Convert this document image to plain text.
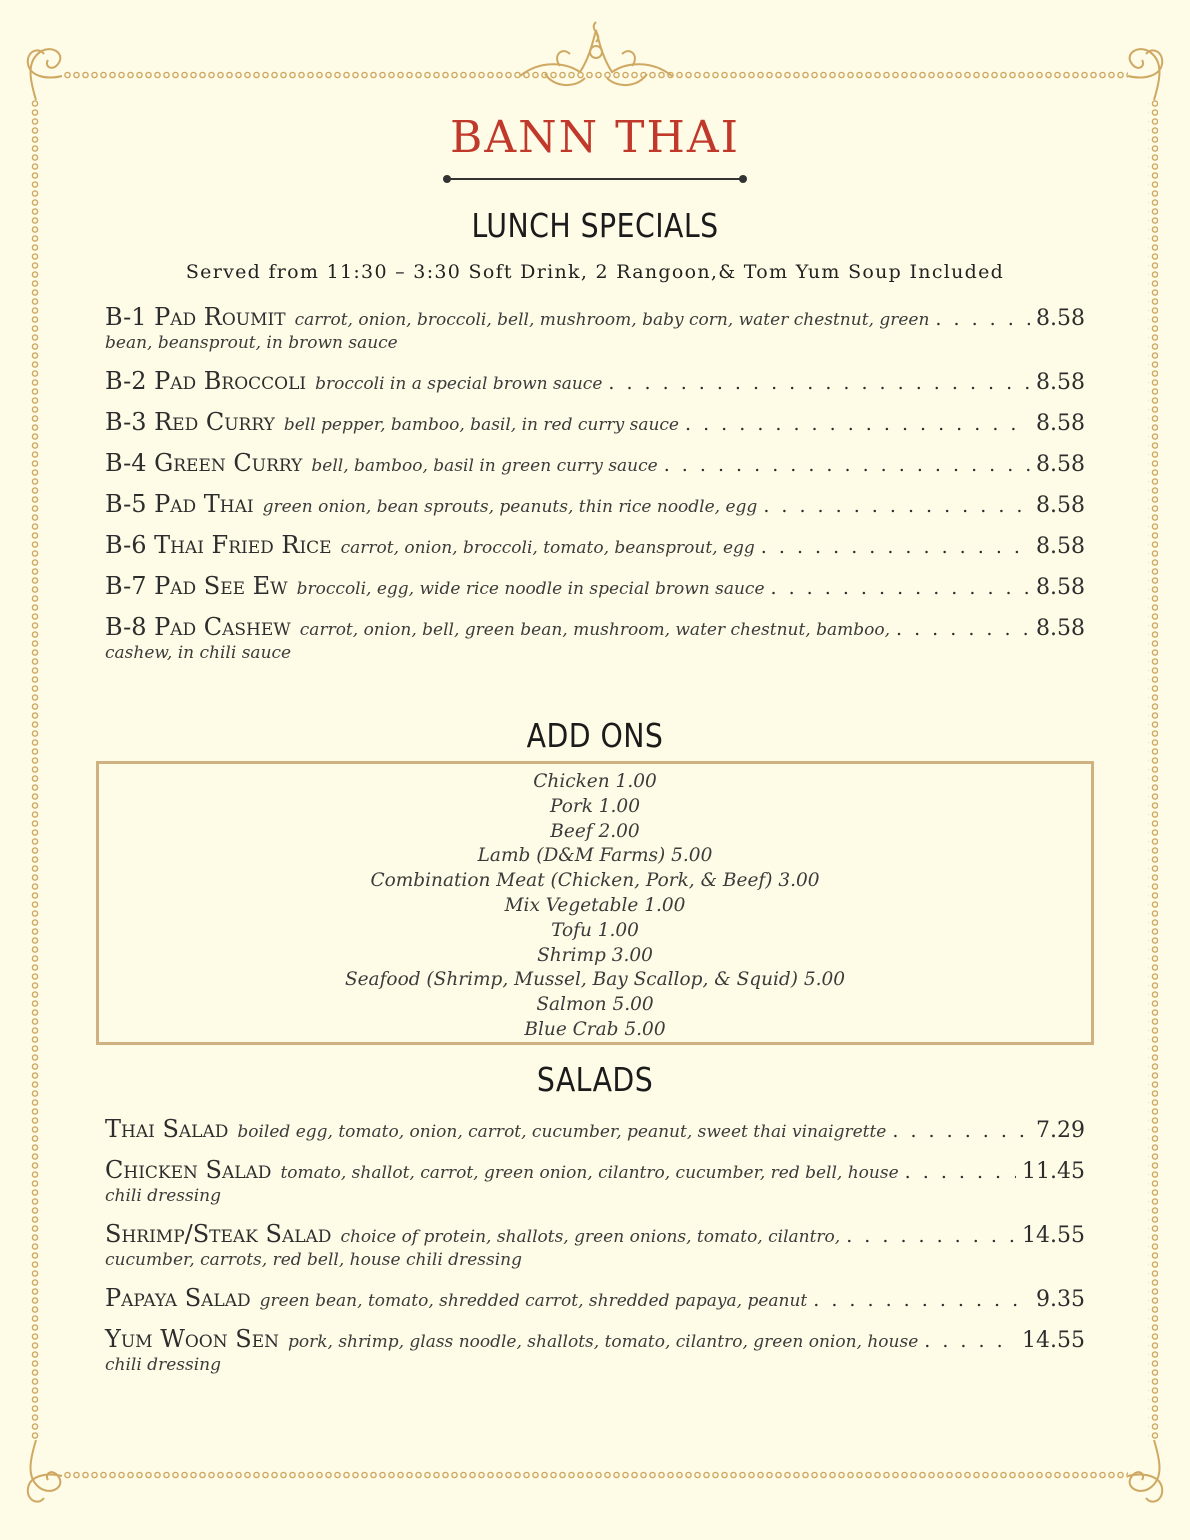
BANN THAI
LUNCH SPECIALS
Served from 11:30 – 3:30 Soft Drink, 2 Rangoon,& Tom Yum Soup Included
B-1 Pad Roumit carrot, onion, broccoli, bell, mushroom, baby corn, water chestnut, green . . .	8.58
bean, beansprout, in brown sauce
B-2 Pad Broccoli broccoli in a special brown sauce . . .	8.58
B-3 Red Curry bell pepper, bamboo, basil, in red curry sauce . . .	8.58
B-4 Green Curry bell, bamboo, basil in green curry sauce . . .	8.58
B-5 Pad Thai green onion, bean sprouts, peanuts, thin rice noodle, egg . . .	8.58
B-6 Thai Fried Rice carrot, onion, broccoli, tomato, beansprout, egg . . .	8.58
B-7 Pad See Ew broccoli, egg, wide rice noodle in special brown sauce . . .	8.58
B-8 Pad Cashew carrot, onion, bell, green bean, mushroom, water chestnut, bamboo, . . .	8.58
cashew, in chili sauce
ADD ONS
Chicken 1.00
Pork 1.00
Beef 2.00
Lamb (D&M Farms) 5.00
Combination Meat (Chicken, Pork, & Beef) 3.00
Mix Vegetable 1.00
Tofu 1.00
Shrimp 3.00
Seafood (Shrimp, Mussel, Bay Scallop, & Squid) 5.00
Salmon 5.00
Blue Crab 5.00
SALADS
Thai Salad boiled egg, tomato, onion, carrot, cucumber, peanut, sweet thai vinaigrette . . .	7.29
Chicken Salad tomato, shallot, carrot, green onion, cilantro, cucumber, red bell, house . . .	11.45
chili dressing
Shrimp/Steak Salad choice of protein, shallots, green onions, tomato, cilantro, . . .	14.55
cucumber, carrots, red bell, house chili dressing
Papaya Salad green bean, tomato, shredded carrot, shredded papaya, peanut . . .	9.35
Yum Woon Sen pork, shrimp, glass noodle, shallots, tomato, cilantro, green onion, house . . .	14.55
chili dressing
